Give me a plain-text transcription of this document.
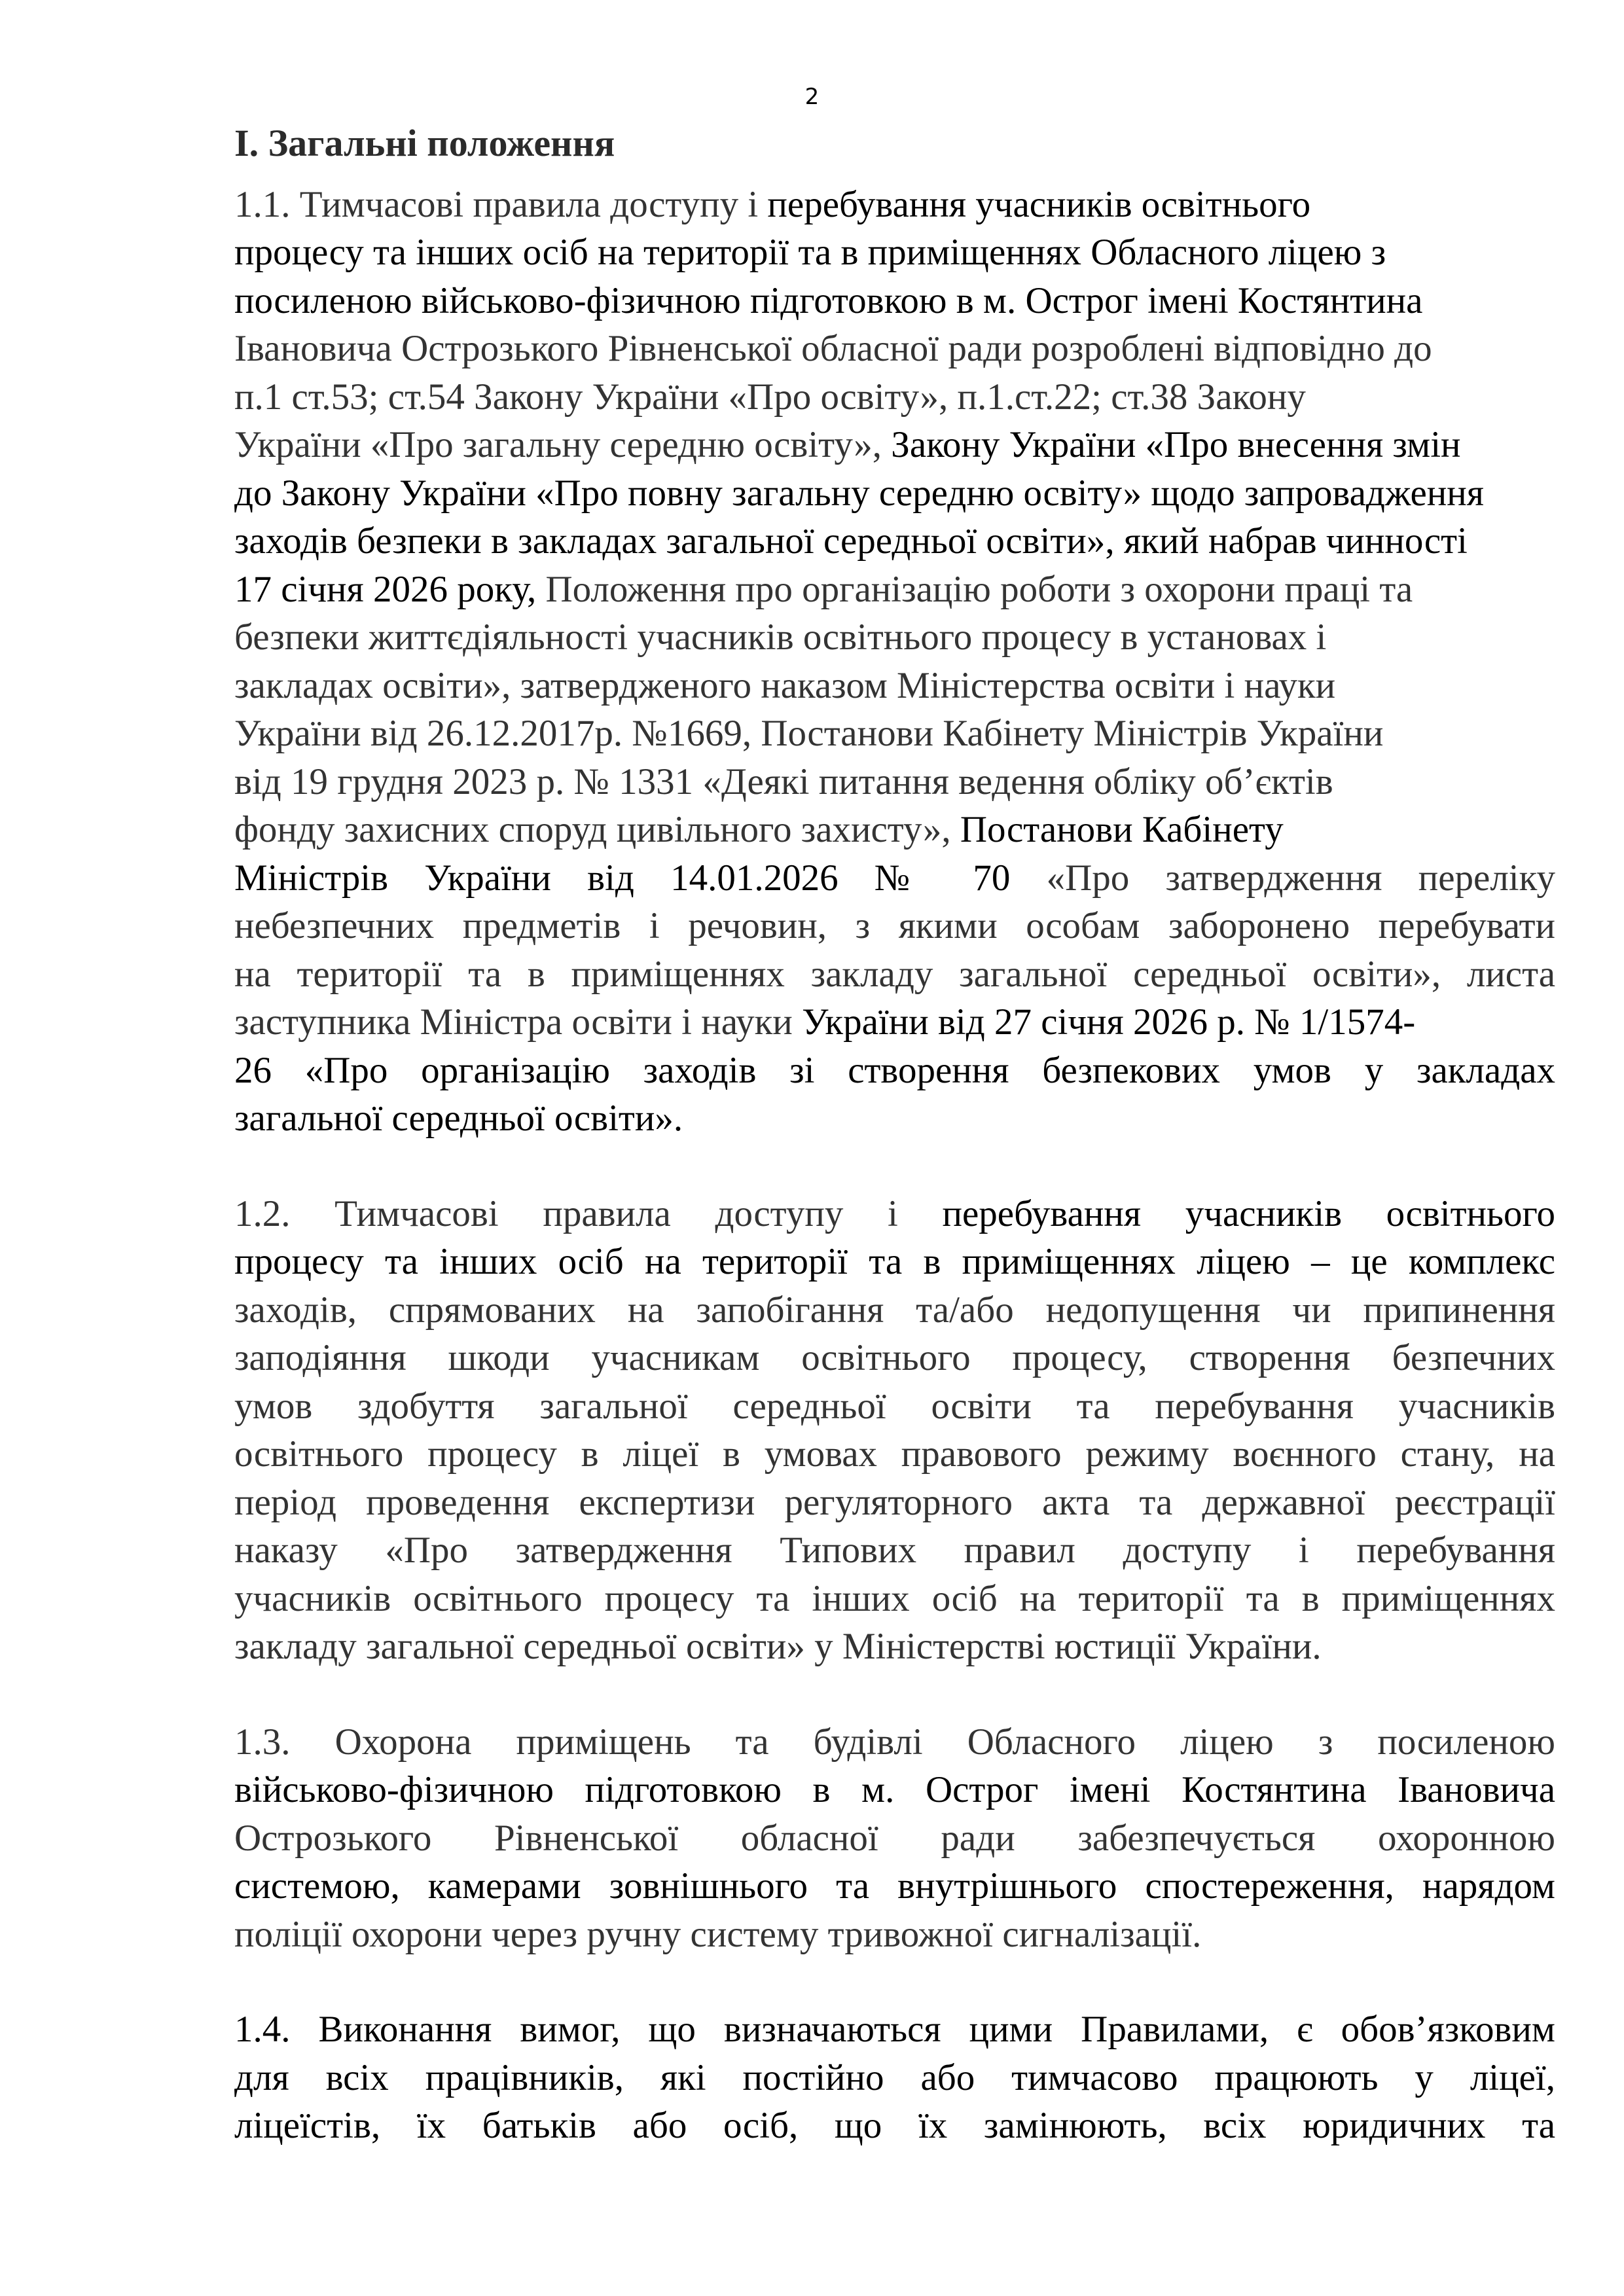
2
I. Загальні положення
1.1. Тимчасові правила доступу і перебування учасників освітнього
процесу та інших осіб на території та в приміщеннях Обласного ліцею з
посиленою військово-фізичною підготовкою в м. Острог імені Костянтина
Івановича Острозького Рівненської обласної ради розроблені відповідно до
п.1 ст.53; ст.54 Закону України «Про освіту», п.1.ст.22; ст.38 Закону
України «Про загальну середню освіту», Закону України «Про внесення змін
до Закону України «Про повну загальну середню освіту» щодо запровадження
заходів безпеки в закладах загальної середньої освіти», який набрав чинності
17 січня 2026 року, Положення про організацію роботи з охорони праці та
безпеки життєдіяльності учасників освітнього процесу в установах і
закладах освіти», затвердженого наказом Міністерства освіти і науки
України від 26.12.2017р. №1669, Постанови Кабінету Міністрів України
від 19 грудня 2023 р. № 1331 «Деякі питання ведення обліку об’єктів
фонду захисних споруд цивільного захисту», Постанови Кабінету
Міністрів України від 14.01.2026 № 70 «Про затвердження переліку
небезпечних предметів і речовин, з якими особам заборонено перебувати
на території та в приміщеннях закладу загальної середньої освіти», листа
заступника Міністра освіти і науки України від 27 січня 2026 р. № 1/1574-
26 «Про організацію заходів зі створення безпекових умов у закладах
загальної середньої освіти».
1.2. Тимчасові правила доступу і перебування учасників освітнього
процесу та інших осіб на території та в приміщеннях ліцею – це комплекс
заходів, спрямованих на запобігання та/або недопущення чи припинення
заподіяння шкоди учасникам освітнього процесу, створення безпечних
умов здобуття загальної середньої освіти та перебування учасників
освітнього процесу в ліцеї в умовах правового режиму воєнного стану, на
період проведення експертизи регуляторного акта та державної реєстрації
наказу «Про затвердження Типових правил доступу і перебування
учасників освітнього процесу та інших осіб на території та в приміщеннях
закладу загальної середньої освіти» у Міністерстві юстиції України.
1.3. Охорона приміщень та будівлі Обласного ліцею з посиленою
військово-фізичною підготовкою в м. Острог імені Костянтина Івановича
Острозького Рівненської обласної ради забезпечується охоронною
системою, камерами зовнішнього та внутрішнього спостереження, нарядом
поліції охорони через ручну систему тривожної сигналізації.
1.4. Виконання вимог, що визначаються цими Правилами, є обов’язковим
для всіх працівників, які постійно або тимчасово працюють у ліцеї,
ліцеїстів, їх батьків або осіб, що їх замінюють, всіх юридичних та
